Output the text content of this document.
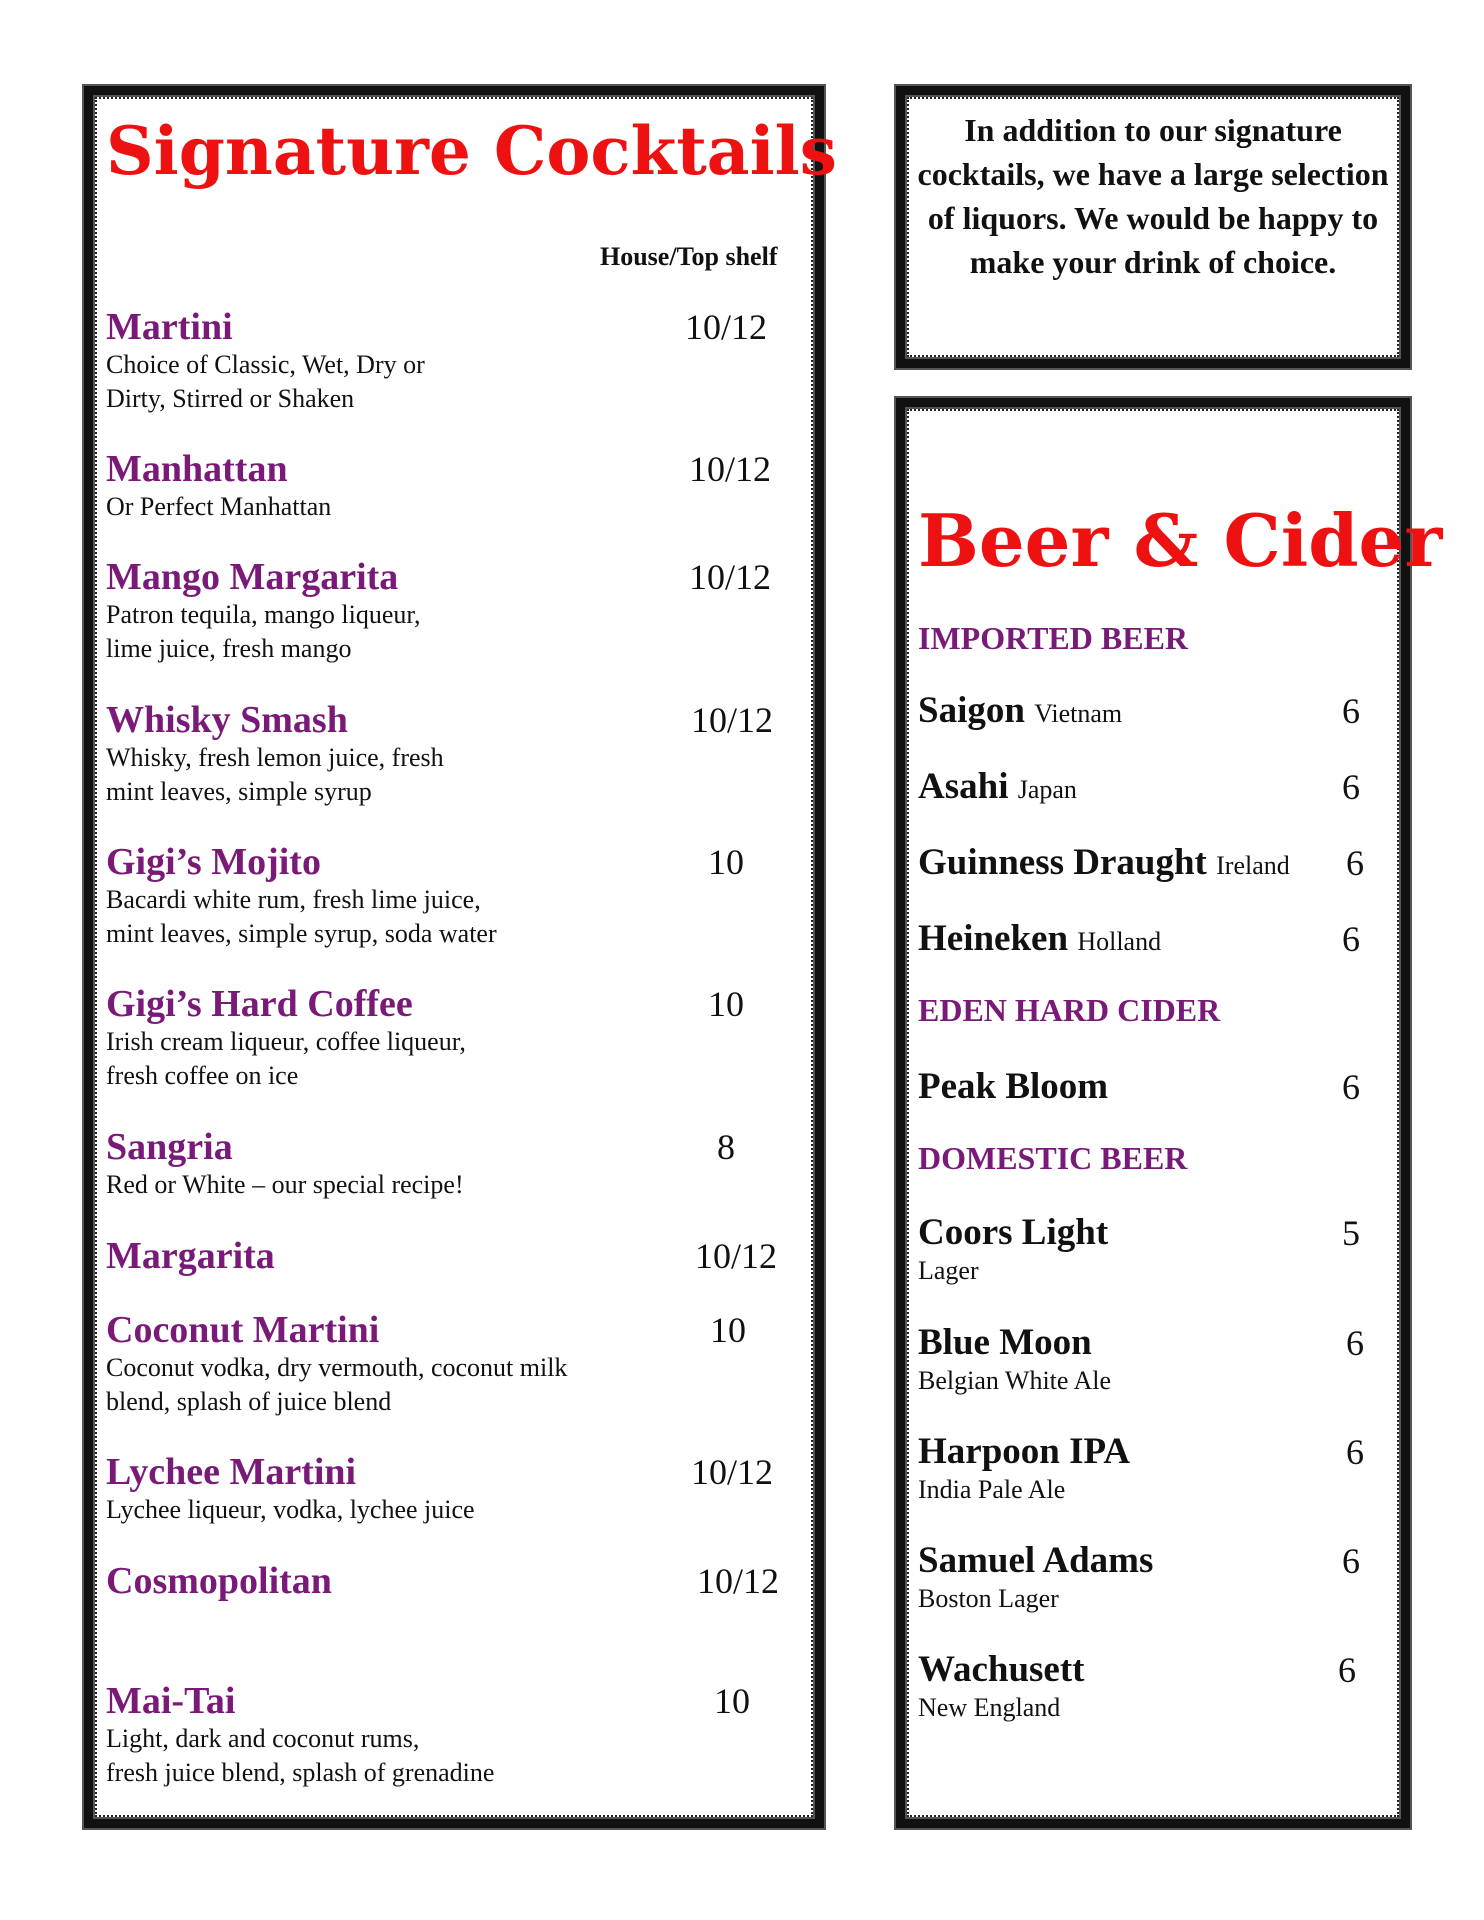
Signature Cocktails
House/Top shelf
Martini
Choice of Classic, Wet, Dry or
Dirty, Stirred or Shaken
10/12
Manhattan
Or Perfect Manhattan
10/12
Mango Margarita
Patron tequila, mango liqueur,
lime juice, fresh mango
10/12
Whisky Smash
Whisky, fresh lemon juice, fresh
mint leaves, simple syrup
10/12
Gigi’s Mojito
Bacardi white rum, fresh lime juice,
mint leaves, simple syrup, soda water
10
Gigi’s Hard Coffee
Irish cream liqueur, coffee liqueur,
fresh coffee on ice
10
Sangria
Red or White – our special recipe!
8
Margarita	10/12
Coconut Martini
Coconut vodka, dry vermouth, coconut milk
blend, splash of juice blend
10
Lychee Martini
Lychee liqueur, vodka, lychee juice
10/12
Cosmopolitan	10/12
Mai-Tai
Light, dark and coconut rums,
fresh juice blend, splash of grenadine
10
In addition to our signature cocktails, we have a large selection of liquors. We would be happy to make your drink of choice.
Beer & Cider
IMPORTED BEER
Saigon Vietnam	6
Asahi Japan	6
Guinness Draught Ireland	6
Heineken Holland	6
EDEN HARD CIDER
Peak Bloom	6
DOMESTIC BEER
Coors Light
Lager
5
Blue Moon
Belgian White Ale
6
Harpoon IPA
India Pale Ale
6
Samuel Adams
Boston Lager
6
Wachusett
New England
6
